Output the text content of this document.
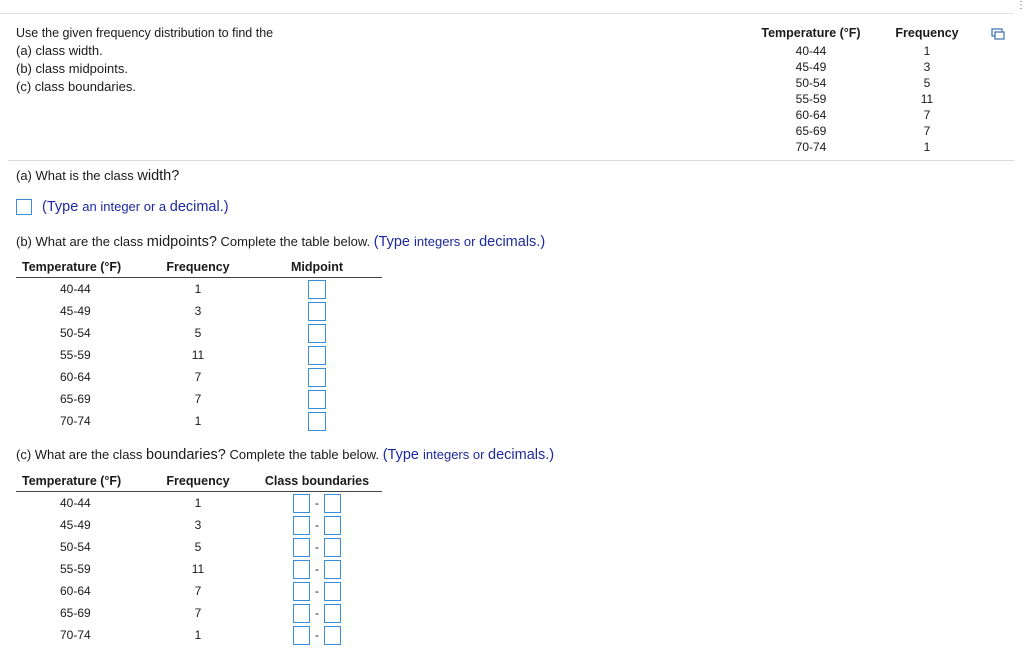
⋮
Use the given frequency distribution to find the
(a) class width.
(b) class midpoints.
(c) class boundaries.
Temperature (°F)	Frequency
40-44	1
45-49	3
50-54	5
55-59	11
60-64	7
65-69	7
70-74	1
(a) What is the class width?
(Type an integer or a decimal.)
(b) What are the class midpoints? Complete the table below. (Type integers or decimals.)
Temperature (°F)	Frequency	Midpoint
40-44	1
45-49	3
50-54	5
55-59	11
60-64	7
65-69	7
70-74	1
(c) What are the class boundaries? Complete the table below. (Type integers or decimals.)
Temperature (°F)	Frequency	Class boundaries
40-44	1	-
45-49	3	-
50-54	5	-
55-59	11	-
60-64	7	-
65-69	7	-
70-74	1	-
